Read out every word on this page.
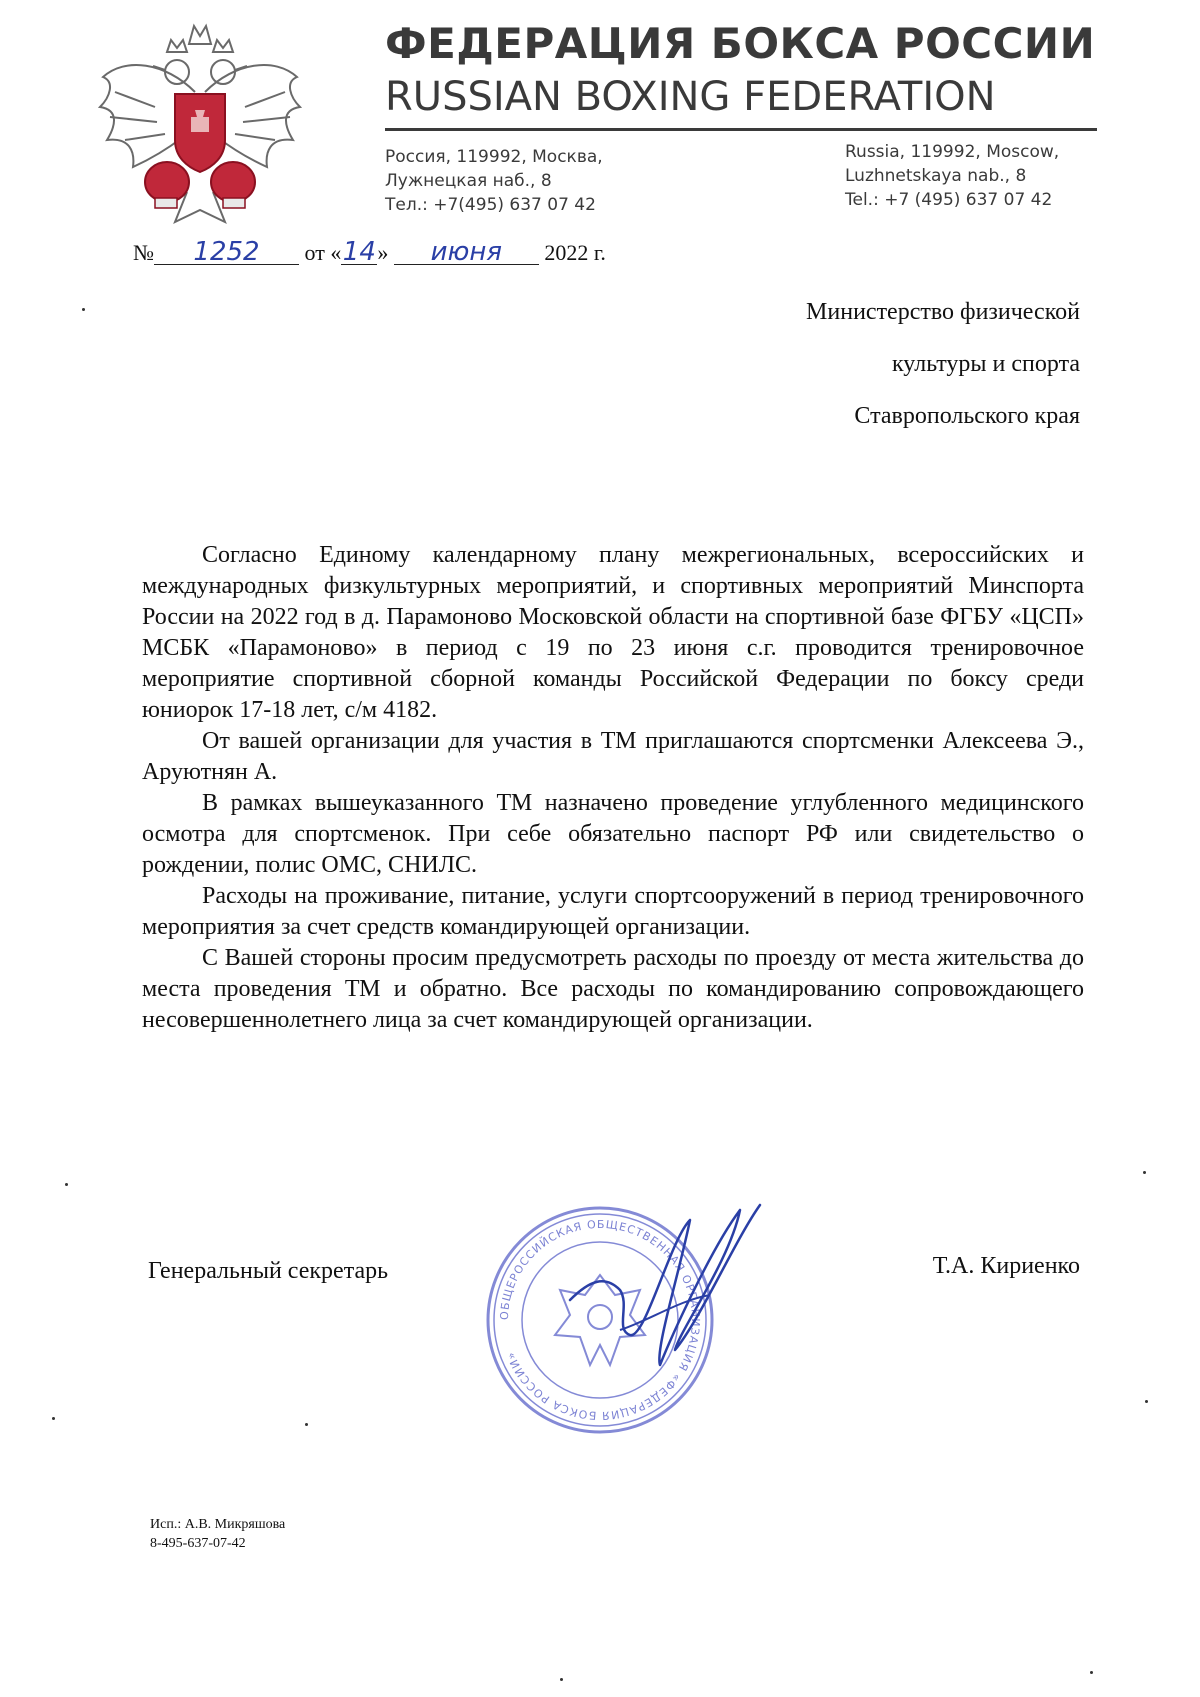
ФЕДЕРАЦИЯ БОКСА РОССИИ
RUSSIAN BOXING FEDERATION
Россия, 119992, Москва,
Лужнецкая наб., 8
Тел.: +7(495) 637 07 42
Russia, 119992, Moscow,
Luzhnetskaya nab., 8
Tel.: +7 (495) 637 07 42
№ 1252 от «14» июня 2022 г.
Министерство физической
культуры и спорта
Ставропольского края

Согласно Единому календарному плану межрегиональных, всероссийских и международных физкультурных мероприятий, и спортивных мероприятий Минспорта России на 2022 год в д. Парамоново Московской области на спортивной базе ФГБУ «ЦСП» МСБК «Парамоново» в период с 19 по 23 июня с.г. проводится тренировочное мероприятие спортивной сборной команды Российской Федерации по боксу среди юниорок 17-18 лет, с/м 4182.

От вашей организации для участия в ТМ приглашаются спортсменки Алексеева Э., Аруютнян А.

В рамках вышеуказанного ТМ назначено проведение углубленного медицинского осмотра для спортсменок. При себе обязательно паспорт РФ или свидетельство о рождении, полис ОМС, СНИЛС.

Расходы на проживание, питание, услуги спортсооружений в период тренировочного мероприятия за счет средств командирующей организации.

С Вашей стороны просим предусмотреть расходы по проезду от места жительства до места проведения ТМ и обратно. Все расходы по командированию сопровождающего несовершеннолетнего лица за счет командирующей организации.

Генеральный секретарь	Т.А. Кириенко
ОБЩЕРОССИЙСКАЯ ОБЩЕСТВЕННАЯ ОРГАНИЗАЦИЯ «ФЕДЕРАЦИЯ БОКСА РОССИИ»
Исп.: А.В. Микряшова
8-495-637-07-42
